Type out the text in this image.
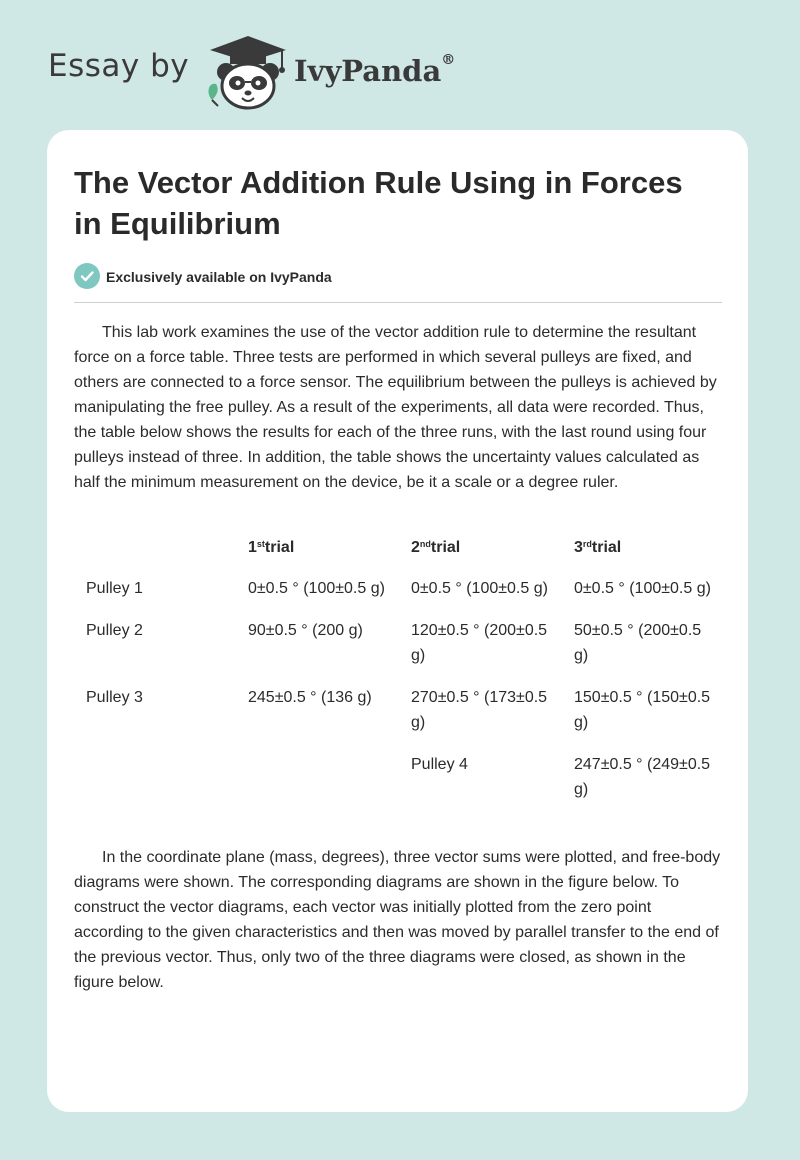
Essay by	IvyPanda®
The Vector Addition Rule Using in Forces in Equilibrium
Exclusively available on IvyPanda

This lab work examines the use of the vector addition rule to determine the resultant force on a force table. Three tests are performed in which several pulleys are fixed, and others are connected to a force sensor. The equilibrium between the pulleys is achieved by manipulating the free pulley. As a result of the experiments, all data were recorded. Thus, the table below shows the results for each of the three runs, with the last round using four pulleys instead of three. In addition, the table shows the uncertainty values calculated as half the minimum measurement on the device, be it a scale or a degree ruler.

	1sttrial	2ndtrial	3rdtrial
Pulley 1	0±0.5 ° (100±0.5 g)	0±0.5 ° (100±0.5 g)	0±0.5 ° (100±0.5 g)
Pulley 2	90±0.5 ° (200 g)	120±0.5 ° (200±0.5 g)	50±0.5 ° (200±0.5 g)
Pulley 3	245±0.5 ° (136 g)	270±0.5 ° (173±0.5 g)	150±0.5 ° (150±0.5 g)
		Pulley 4	247±0.5 ° (249±0.5 g)

In the coordinate plane (mass, degrees), three vector sums were plotted, and free-body diagrams were shown. The corresponding diagrams are shown in the figure below. To construct the vector diagrams, each vector was initially plotted from the zero point according to the given characteristics and then was moved by parallel transfer to the end of the previous vector. Thus, only two of the three diagrams were closed, as shown in the figure below.
